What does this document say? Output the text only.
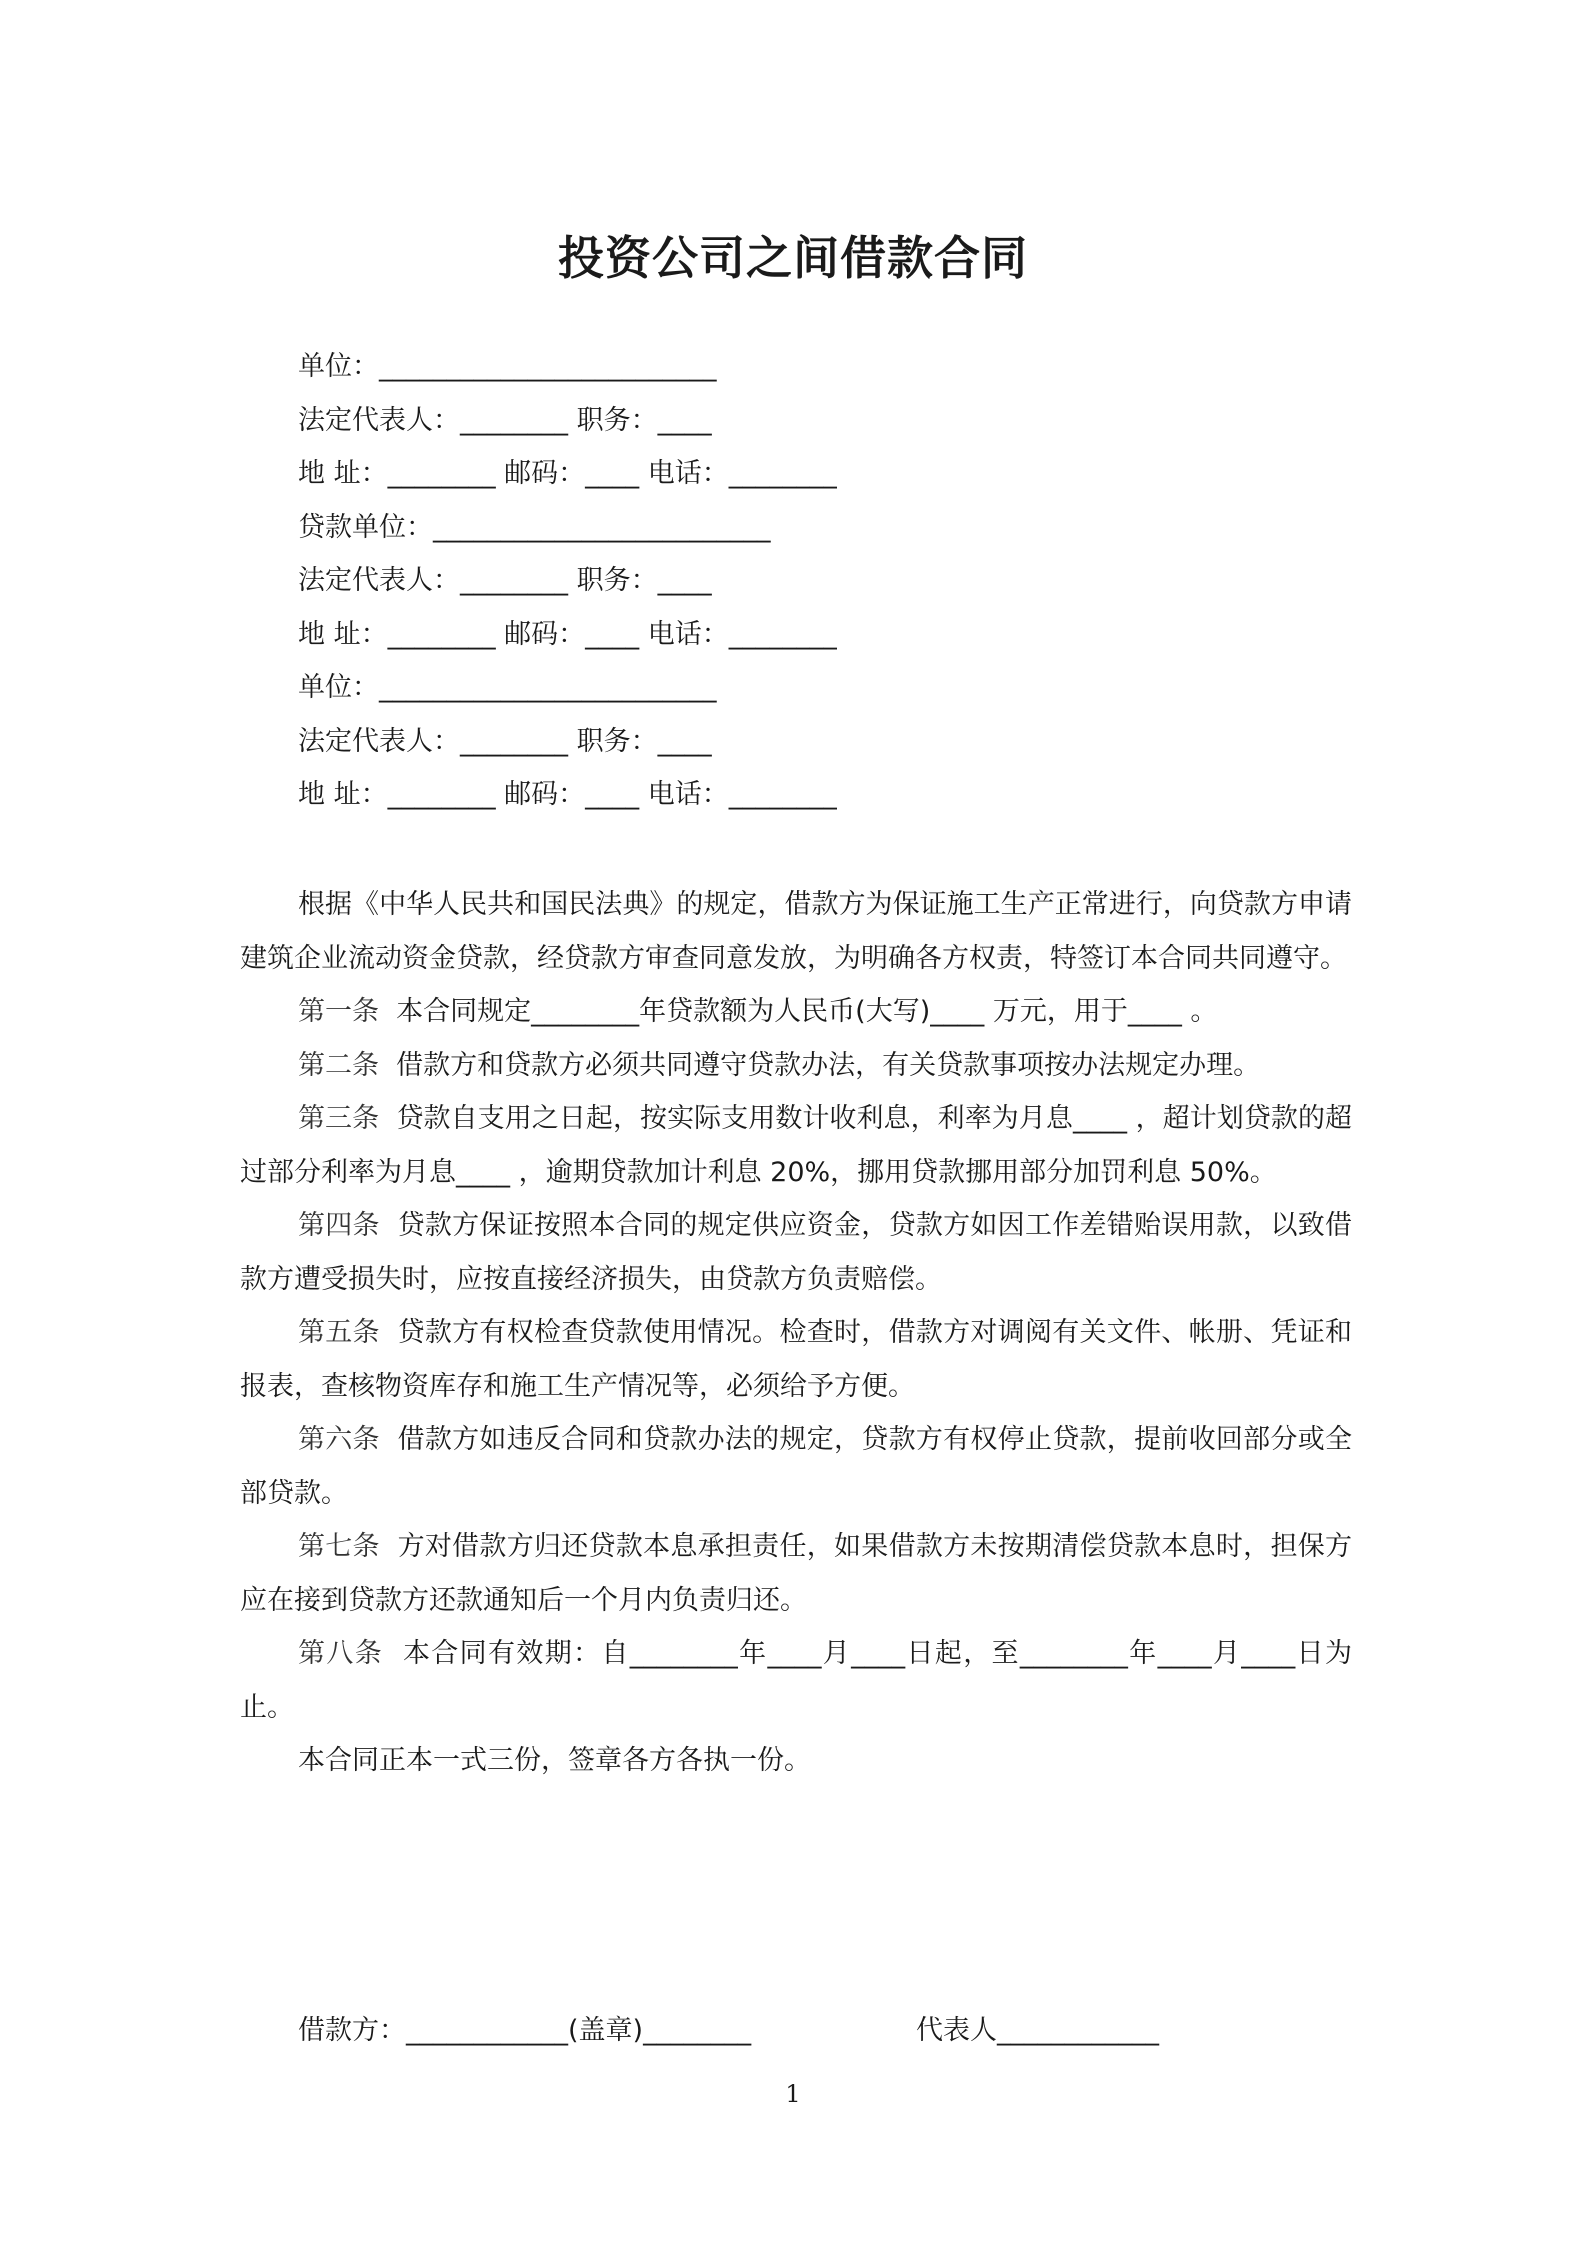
投资公司之间借款合同

单位：_________________________

法定代表人：________ 职务：____

地 址：________ 邮码：____ 电话：________

贷款单位：_________________________

法定代表人：________ 职务：____

地 址：________ 邮码：____ 电话：________

单位：_________________________

法定代表人：________ 职务：____

地 址：________ 邮码：____ 电话：________

根据《中华人民共和国民法典》的规定，借款方为保证施工生产正常进行，向贷款方申请建筑企业流动资金贷款，经贷款方审查同意发放，为明确各方权责，特签订本合同共同遵守。

第一条 本合同规定________年贷款额为人民币(大写)____ 万元，用于____ 。

第二条 借款方和贷款方必须共同遵守贷款办法，有关贷款事项按办法规定办理。

第三条 贷款自支用之日起，按实际支用数计收利息，利率为月息____ ，超计划贷款的超过部分利率为月息____ ，逾期贷款加计利息 20%，挪用贷款挪用部分加罚利息 50%。

第四条 贷款方保证按照本合同的规定供应资金，贷款方如因工作差错贻误用款，以致借款方遭受损失时，应按直接经济损失，由贷款方负责赔偿。

第五条 贷款方有权检查贷款使用情况。检查时，借款方对调阅有关文件、帐册、凭证和报表，查核物资库存和施工生产情况等，必须给予方便。

第六条 借款方如违反合同和贷款办法的规定，贷款方有权停止贷款，提前收回部分或全部贷款。

第七条 方对借款方归还贷款本息承担责任，如果借款方未按期清偿贷款本息时，担保方应在接到贷款方还款通知后一个月内负责归还。

第八条 本合同有效期：自________年____月____日起，至________年____月____日为止。

本合同正本一式三份，签章各方各执一份。

借款方：____________(盖章)________	代表人____________
1
